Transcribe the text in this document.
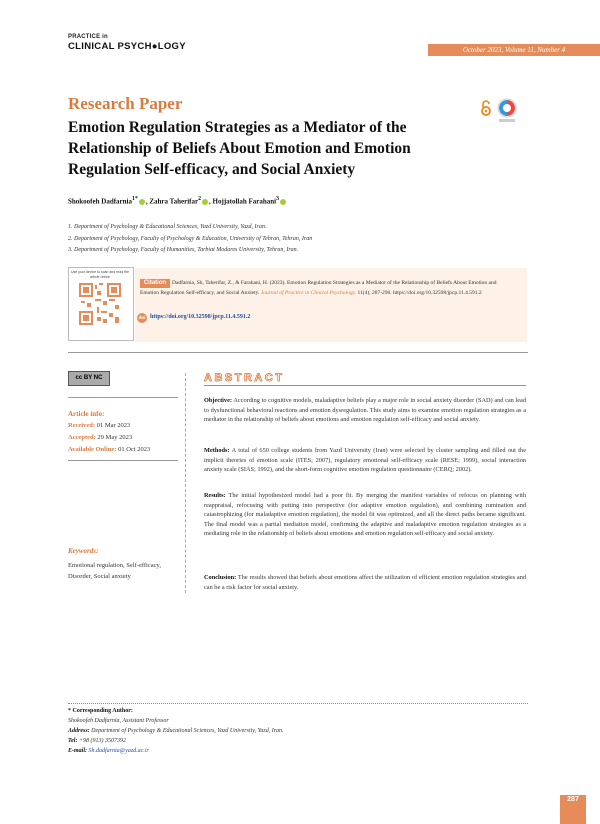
PRACTICE in
CLINICAL PSYCH●LOGY	October 2023, Volume 11, Number 4
Research Paper
Emotion Regulation Strategies as a Mediator of the Relationship of Beliefs About Emotion and Emotion Regulation Self-efficacy, and Social Anxiety
Shokoofeh Dadfarnia$^{1*}$ , Zahra Taherifar$^2$ , Hojjatollah Farahani$^3$
1. Department of Psychology & Educational Sciences, Yazd University, Yazd, Iran.
2. Department of Psychology, Faculty of Psychology & Education, University of Tehran, Tehran, Iran
3. Department of Psychology, Faculty of Humanities, Tarbiat Modares University, Tehran, Iran.
Use your device to scan and read the article online
Dadfarnia, Sh, Taherifar, Z., & Farahani, H. (2023). Emotion Regulation Strategies as a Mediator of the Relationship of Beliefs About Emotion and Emotion Regulation Self-efficacy, and Social Anxiety. Journal of Practice in Clinical Psychology. 11(4), 287-296. https://doi.org/10.32598/jpcp.11.4.591.2
Citation
doi https://doi.org/10.32598/jpcp.11.4.591.2
cc BY NC
Article info:
Received: 01 Mar 2023
Accepted: 29 May 2023
Available Online: 01 Oct 2023
Keywords:
Emotional regulation, Self-efficacy, Disorder, Social anxiety
ABSTRACT
Objective: According to cognitive models, maladaptive beliefs play a major role in social anxiety disorder (SAD) and can lead to dysfunctional behavioral reactions and emotion dysregulation. This study aims to examine emotion regulation strategies as a mediator in the relationship of beliefs about emotions and emotion regulation self-efficacy and social anxiety.
Methods: A total of 650 college students from Yazd University (Iran) were selected by cluster sampling and filled out the implicit theories of emotion scale (ITES; 2007), regulatory emotional self-efficacy scale (RESE; 1999), social interaction anxiety scale (SIAS; 1992), and the short-form cognitive emotion regulation questionnaire (CERQ; 2002).
Results: The initial hypothesized model had a poor fit. By merging the manifest variables of refocus on planning with reappraisal, refocusing with putting into perspective (for adaptive emotion regulation), and combining rumination and catastrophizing (for maladaptive emotion regulation), the model fit was optimized, and all the direct paths became significant. The final model was a partial mediation model, confirming the adaptive and maladaptive emotion regulation strategies as a mediating role in the relationship of beliefs about emotions and emotion regulation self-efficacy and social anxiety.
Conclusion: The results showed that beliefs about emotions affect the utilization of efficient emotion regulation strategies and can be a risk factor for social anxiety.
* Corresponding Author:
Shokoofeh Dadfarnia, Assistant Professor
Address: Department of Psychology & Educational Sciences, Yazd University, Yazd, Iran.
Tel: +98 (913) 3507392
E-mail: Sh.dadfarnia@yazd.ac.ir
287
